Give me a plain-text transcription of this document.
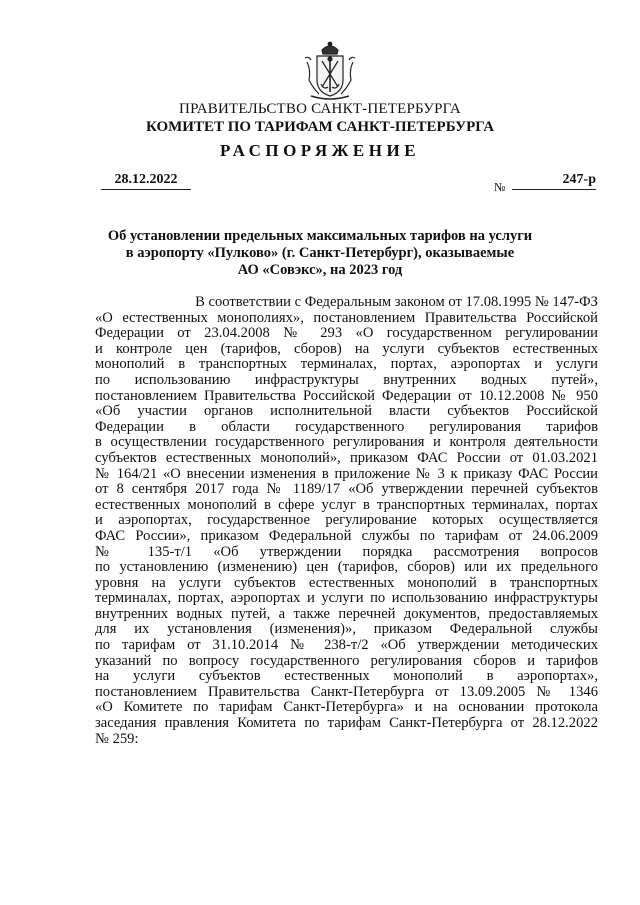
ПРАВИТЕЛЬСТВО САНКТ-ПЕТЕРБУРГА
КОМИТЕТ ПО ТАРИФАМ САНКТ-ПЕТЕРБУРГА
РАСПОРЯЖЕНИЕ
28.12.2022	№	247-р
Об установлении предельных максимальных тарифов на услуги
в аэропорту «Пулково» (г. Санкт-Петербург), оказываемые
АО «Совэкс», на 2023 год
В соответствии с Федеральным законом от 17.08.1995 № 147-ФЗ
«О естественных монополиях», постановлением Правительства Российской
Федерации от 23.04.2008 № 293 «О государственном регулировании
и контроле цен (тарифов, сборов) на услуги субъектов естественных
монополий в транспортных терминалах, портах, аэропортах и услуги
по использованию инфраструктуры внутренних водных путей»,
постановлением Правительства Российской Федерации от 10.12.2008 № 950
«Об участии органов исполнительной власти субъектов Российской
Федерации в области государственного регулирования тарифов
в осуществлении государственного регулирования и контроля деятельности
субъектов естественных монополий», приказом ФАС России от 01.03.2021
№ 164/21 «О внесении изменения в приложение № 3 к приказу ФАС России
от 8 сентября 2017 года № 1189/17 «Об утверждении перечней субъектов
естественных монополий в сфере услуг в транспортных терминалах, портах
и аэропортах, государственное регулирование которых осуществляется
ФАС России», приказом Федеральной службы по тарифам от 24.06.2009
№ 135-т/1 «Об утверждении порядка рассмотрения вопросов
по установлению (изменению) цен (тарифов, сборов) или их предельного
уровня на услуги субъектов естественных монополий в транспортных
терминалах, портах, аэропортах и услуги по использованию инфраструктуры
внутренних водных путей, а также перечней документов, предоставляемых
для их установления (изменения)», приказом Федеральной службы
по тарифам от 31.10.2014 № 238-т/2 «Об утверждении методических
указаний по вопросу государственного регулирования сборов и тарифов
на услуги субъектов естественных монополий в аэропортах»,
постановлением Правительства Санкт-Петербурга от 13.09.2005 № 1346
«О Комитете по тарифам Санкт-Петербурга» и на основании протокола
заседания правления Комитета по тарифам Санкт-Петербурга от 28.12.2022
№ 259:
